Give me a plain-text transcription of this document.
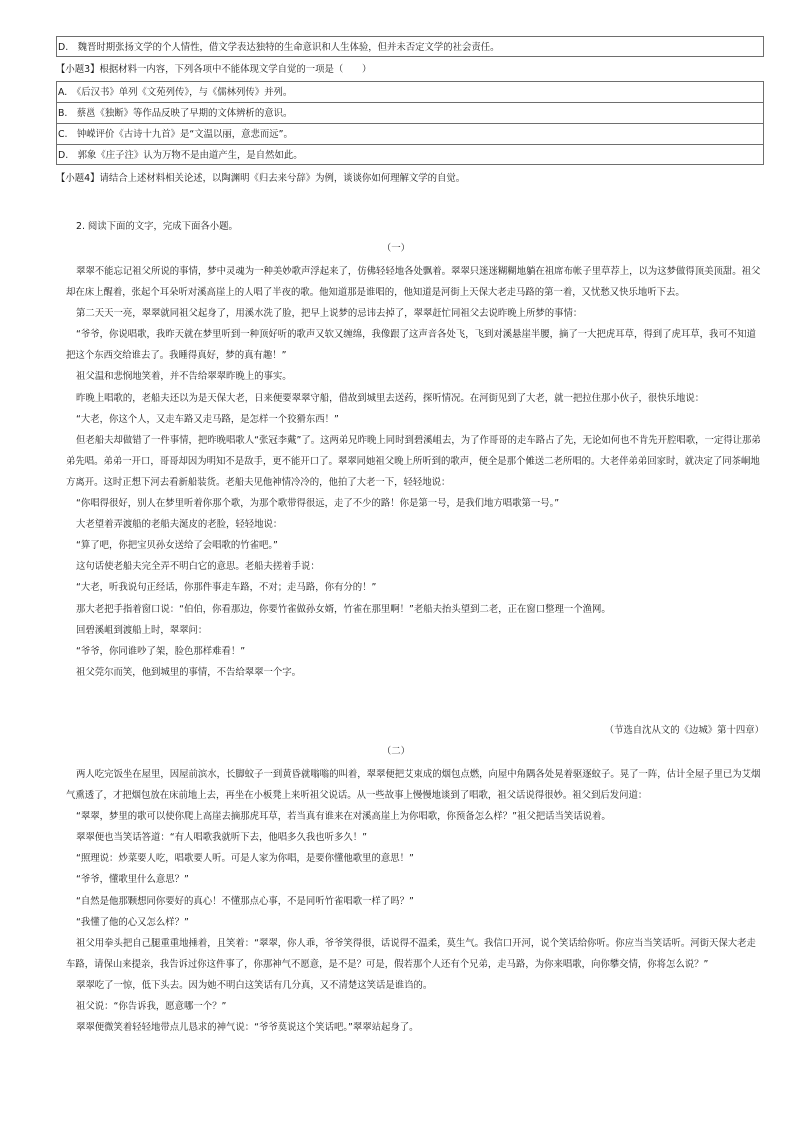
D.　魏晋时期张扬文学的个人情性，借文学表达独特的生命意识和人生体验，但并未否定文学的社会责任。
【小题3】根据材料一内容，下列各项中不能体现文学自觉的一项是（　　）
A.　《后汉书》单列《文苑列传》，与《儒林列传》并列。
B.　蔡邕《独断》等作品反映了早期的文体辨析的意识。
C.　钟嵘评价《古诗十九首》是“文温以丽，意悲而远”。
D.　郭象《庄子注》认为万物不是由道产生，是自然如此。
【小题4】请结合上述材料相关论述，以陶渊明《归去来兮辞》为例，谈谈你如何理解文学的自觉。
2. 阅读下面的文字，完成下面各小题。
（一）

翠翠不能忘记祖父所说的事情，梦中灵魂为一种美妙歌声浮起来了，仿佛轻轻地各处飘着。翠翠只迷迷糊糊地躺在祖席布帐子里草荐上，以为这梦做得顶美顶甜。祖父却在床上醒着，张起个耳朵听对溪高崖上的人唱了半夜的歌。他知道那是谁唱的，他知道是河街上天保大老走马路的第一着，又忧愁又快乐地听下去。

第二天天一亮，翠翠就同祖父起身了，用溪水洗了脸，把早上说梦的忌讳去掉了，翠翠赶忙同祖父去说昨晚上所梦的事情：

“爷爷，你说唱歌，我昨天就在梦里听到一种顶好听的歌声又软又缠绵，我像跟了这声音各处飞，飞到对溪悬崖半腰，摘了一大把虎耳草，得到了虎耳草，我可不知道把这个东西交给谁去了。我睡得真好，梦的真有趣！”

祖父温和悲悯地笑着，并不告给翠翠昨晚上的事实。

昨晚上唱歌的，老船夫还以为是天保大老，日来便要翠翠守船，借故到城里去送药，探听情况。在河街见到了大老，就一把拉住那小伙子，很快乐地说：

“大老，你这个人，又走车路又走马路，是怎样一个狡猾东西！”

但老船夫却做错了一件事情，把昨晚唱歌人“张冠李戴”了。这两弟兄昨晚上同时到碧溪岨去，为了作哥哥的走车路占了先，无论如何也不肯先开腔唱歌，一定得让那弟弟先唱。弟弟一开口，哥哥却因为明知不是敌手，更不能开口了。翠翠同她祖父晚上所听到的歌声，便全是那个傩送二老所唱的。大老伴弟弟回家时，就决定了同茶峒地方离开。这时正想下河去看新船装货。老船夫见他神情冷冷的，他拍了大老一下，轻轻地说：

“你唱得很好，别人在梦里听着你那个歌，为那个歌带得很远，走了不少的路！你是第一号，是我们地方唱歌第一号。”

大老望着弄渡船的老船夫涎皮的老脸，轻轻地说：

“算了吧，你把宝贝孙女送给了会唱歌的竹雀吧。”

这句话使老船夫完全弄不明白它的意思。老船夫搓着手说：

“大老，听我说句正经话，你那件事走车路，不对；走马路，你有分的！”

那大老把手指着窗口说：“伯伯，你看那边，你要竹雀做孙女婿，竹雀在那里啊！”老船夫抬头望到二老，正在窗口整理一个渔网。

回碧溪岨到渡船上时，翠翠问：

“爷爷，你同谁吵了架，脸色那样难看！”

祖父莞尔而笑，他到城里的事情，不告给翠翠一个字。

（节选自沈从文的《边城》第十四章）
（二）

两人吃完饭坐在屋里，因屋前滨水，长脚蚊子一到黄昏就嗡嗡的叫着，翠翠便把艾束成的烟包点燃，向屋中角隅各处晃着驱逐蚊子。晃了一阵，估计全屋子里已为艾烟气熏透了，才把烟包放在床前地上去，再坐在小板凳上来听祖父说话。从一些故事上慢慢地谈到了唱歌，祖父话说得很妙。祖父到后发问道：

“翠翠，梦里的歌可以使你爬上高崖去摘那虎耳草，若当真有谁来在对溪高崖上为你唱歌，你预备怎么样？”祖父把话当笑话说着。

翠翠便也当笑话答道：“有人唱歌我就听下去，他唱多久我也听多久！”

“照理说：炒菜要人吃，唱歌要人听。可是人家为你唱，是要你懂他歌里的意思！”

“爷爷，懂歌里什么意思？”

“自然是他那颗想同你要好的真心！不懂那点心事，不是同听竹雀唱歌一样了吗？”

“我懂了他的心又怎么样？”

祖父用拳头把自己腿重重地捶着，且笑着：“翠翠，你人乖，爷爷笑得很，话说得不温柔，莫生气。我信口开河，说个笑话给你听。你应当当笑话听。河街天保大老走车路，请保山来提亲，我告诉过你这件事了，你那神气不愿意，是不是？可是，假若那个人还有个兄弟，走马路，为你来唱歌，向你攀交情，你将怎么说？”

翠翠吃了一惊，低下头去。因为她不明白这笑话有几分真，又不清楚这笑话是谁诌的。

祖父说：“你告诉我，愿意哪一个？”

翠翠便微笑着轻轻地带点儿恳求的神气说：“爷爷莫说这个笑话吧。”翠翠站起身了。
